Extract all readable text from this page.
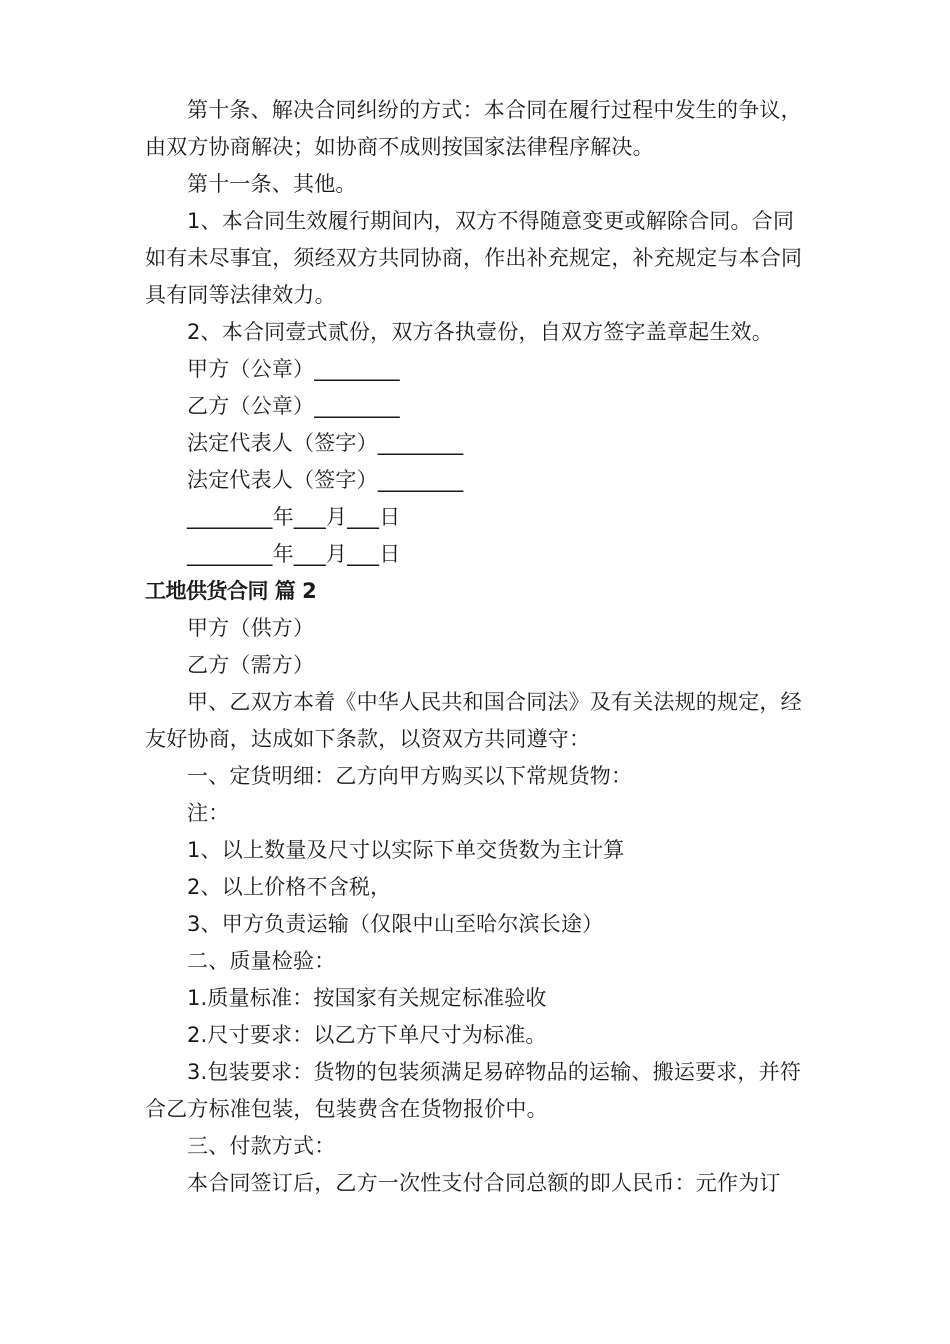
第十条、解决合同纠纷的方式：本合同在履行过程中发生的争议，由双方协商解决；如协商不成则按国家法律程序解决。

第十一条、其他。

1、本合同生效履行期间内，双方不得随意变更或解除合同。合同如有未尽事宜，须经双方共同协商，作出补充规定，补充规定与本合同具有同等法律效力。

2、本合同壹式贰份，双方各执壹份，自双方签字盖章起生效。

甲方（公章）________

乙方（公章）________

法定代表人（签字）________

法定代表人（签字）________

________年___月___日

________年___月___日

工地供货合同 篇 2

甲方（供方）

乙方（需方）

甲、乙双方本着《中华人民共和国合同法》及有关法规的规定，经友好协商，达成如下条款，以资双方共同遵守：

一、定货明细：乙方向甲方购买以下常规货物：

注：

1、以上数量及尺寸以实际下单交货数为主计算

2、以上价格不含税，

3、甲方负责运输（仅限中山至哈尔滨长途）

二、质量检验：

1.质量标准：按国家有关规定标准验收

2.尺寸要求：以乙方下单尺寸为标准。

3.包装要求：货物的包装须满足易碎物品的运输、搬运要求，并符合乙方标准包装，包装费含在货物报价中。

三、付款方式：

本合同签订后，乙方一次性支付合同总额的即人民币：元作为订
